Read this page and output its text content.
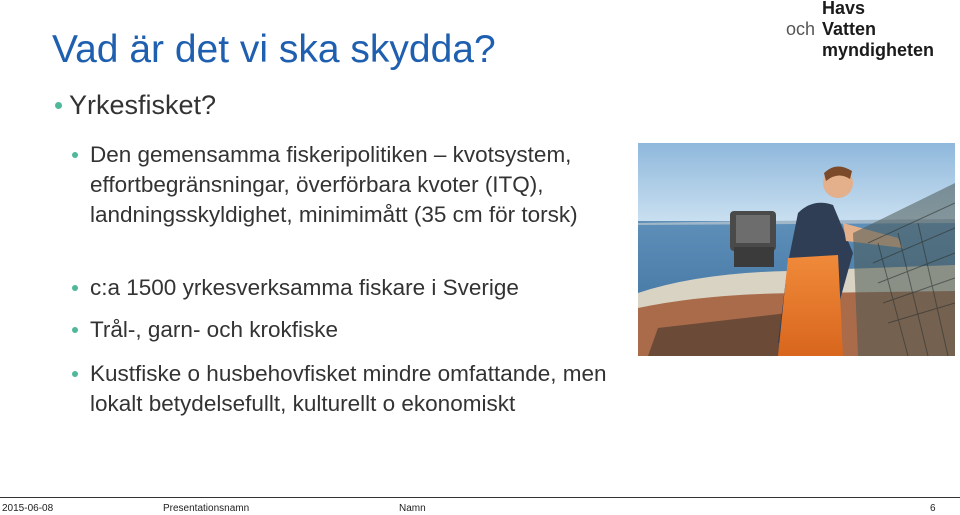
Vad är det vi ska skydda?
Yrkesfisket?
Den gemensamma fiskeripolitiken – kvotsystem, effortbegränsningar, överförbara kvoter (ITQ), landningsskyldighet, minimimått (35 cm för torsk)
c:a 1500 yrkesverksamma fiskare i Sverige
Trål-, garn- och krokfiske
Kustfiske o husbehovfisket mindre omfattande, men lokalt betydelsefullt, kulturellt o ekonomiskt
Havs
och Vatten
myndigheten
2015-06-08	Presentationsnamn	Namn	6
